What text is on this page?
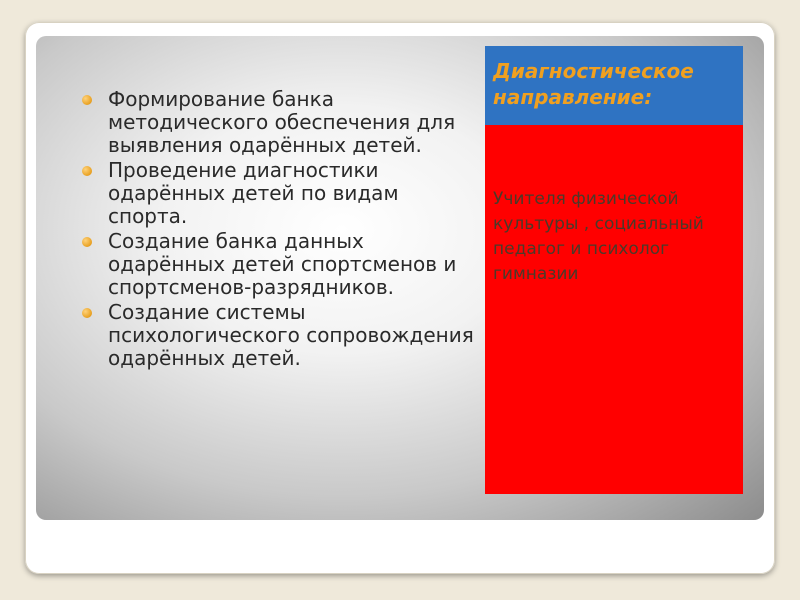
Формирование банка методического обеспечения для выявления одарённых детей.
Проведение диагностики одарённых детей по видам спорта.
Создание банка данных одарённых детей спортсменов и спортсменов-разрядников.
Создание системы психологического сопровождения одарённых детей.
Диагностическое направление:
Учителя физической культуры , социальный педагог и психолог гимназии
